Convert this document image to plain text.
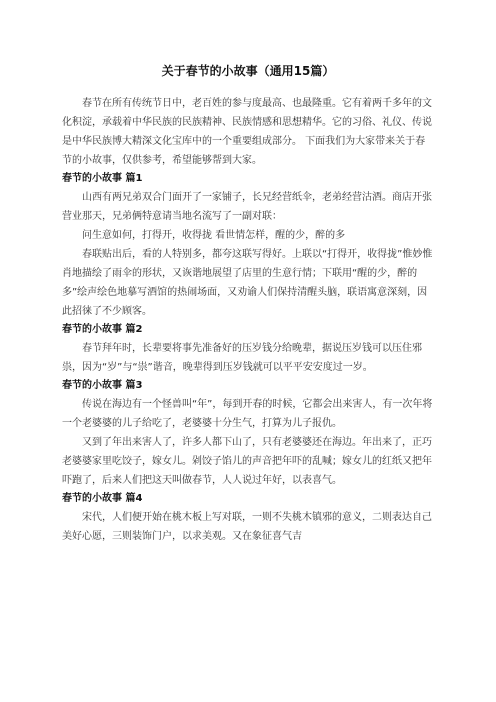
关于春节的小故事（通用15篇）

春节在所有传统节日中，老百姓的参与度最高、也最隆重。它有着两千多年的文化积淀，承载着中华民族的民族精神、民族情感和思想精华。它的习俗、礼仪、传说是中华民族博大精深文化宝库中的一个重要组成部分。 下面我们为大家带来关于春节的小故事，仅供参考，希望能够帮到大家。

春节的小故事 篇1

山西有两兄弟双合门面开了一家铺子，长兄经营纸伞，老弟经营沽酒。商店开张营业那天，兄弟俩特意请当地名流写了一副对联：

问生意如何，打得开，收得拢 看世情怎样，醒的少，醉的多

春联贴出后，看的人特别多，都夸这联写得好。上联以“打得开，收得拢”惟妙惟肖地描绘了雨伞的形状，又诙谐地展望了店里的生意行情；下联用“醒的少，醉的多”绘声绘色地摹写酒馆的热闹场面，又劝谕人们保持清醒头脑，联语寓意深刻，因此招徕了不少顾客。

春节的小故事 篇2

春节拜年时，长辈要将事先准备好的压岁钱分给晚辈，据说压岁钱可以压住邪祟，因为“岁”与“祟”谐音，晚辈得到压岁钱就可以平平安安度过一岁。

春节的小故事 篇3

传说在海边有一个怪兽叫“年”，每到开春的时候，它都会出来害人，有一次年将一个老婆婆的儿子给吃了，老婆婆十分生气，打算为儿子报仇。

又到了年出来害人了，许多人都下山了，只有老婆婆还在海边。年出来了，正巧老婆婆家里吃饺子，嫁女儿。剁饺子馅儿的声音把年吓的乱喊；嫁女儿的红纸又把年吓跑了，后来人们把这天叫做春节，人人说过年好，以表喜气。

春节的小故事 篇4

宋代，人们便开始在桃木板上写对联，一则不失桃木镇邪的意义，二则表达自己美好心愿，三则装饰门户，以求美观。又在象征喜气吉
